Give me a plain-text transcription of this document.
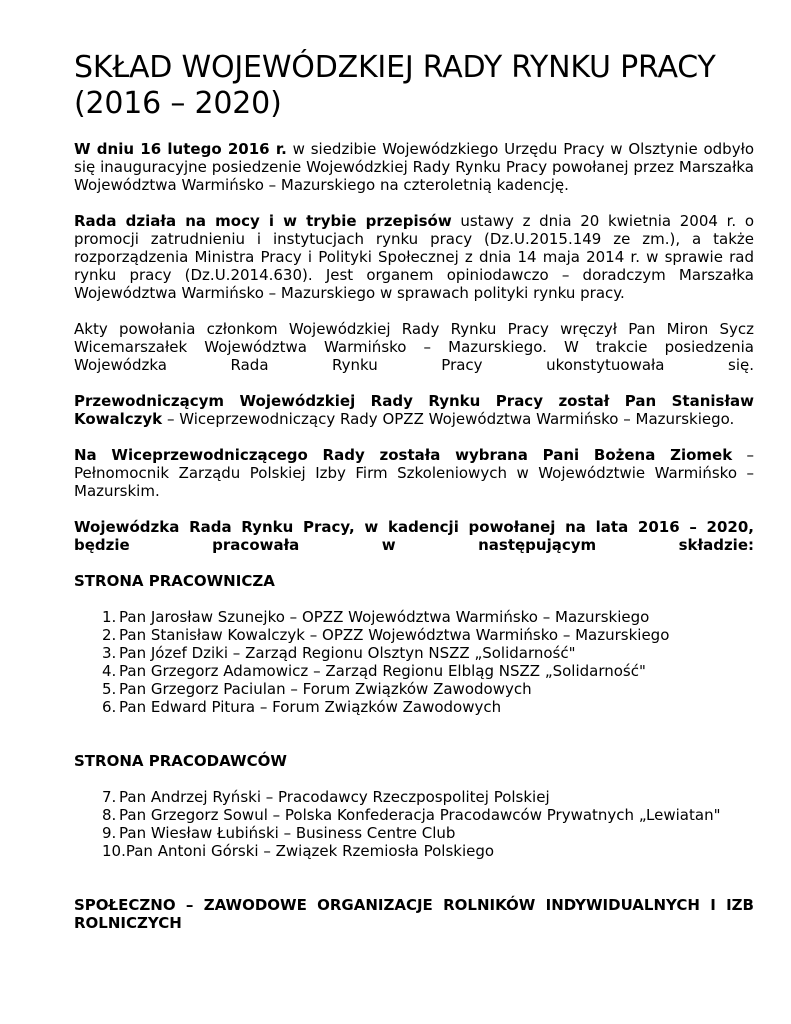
SKŁAD WOJEWÓDZKIEJ RADY RYNKU PRACY
(2016 – 2020)

W dniu 16 lutego 2016 r. w siedzibie Wojewódzkiego Urzędu Pracy w Olsztynie odbyło się inauguracyjne posiedzenie Wojewódzkiej Rady Rynku Pracy powołanej przez Marszałka Województwa Warmińsko – Mazurskiego na czteroletnią kadencję.

Rada działa na mocy i w trybie przepisów ustawy z dnia 20 kwietnia 2004 r. o promocji zatrudnieniu i instytucjach rynku pracy (Dz.U.2015.149 ze zm.), a także rozporządzenia Ministra Pracy i Polityki Społecznej z dnia 14 maja 2014 r. w sprawie rad rynku pracy (Dz.U.2014.630). Jest organem opiniodawczo – doradczym Marszałka Województwa Warmińsko – Mazurskiego w sprawach polityki rynku pracy.

Akty powołania członkom Wojewódzkiej Rady Rynku Pracy wręczył Pan Miron Sycz Wicemarszałek Województwa Warmińsko – Mazurskiego. W trakcie posiedzenia Wojewódzka Rada Rynku Pracy ukonstytuowała się.

Przewodniczącym Wojewódzkiej Rady Rynku Pracy został Pan Stanisław Kowalczyk – Wiceprzewodniczący Rady OPZZ Województwa Warmińsko – Mazurskiego.

Na Wiceprzewodniczącego Rady została wybrana Pani Bożena Ziomek – Pełnomocnik Zarządu Polskiej Izby Firm Szkoleniowych w Województwie Warmińsko – Mazurskim.

Wojewódzka Rada Rynku Pracy, w kadencji powołanej na lata 2016 – 2020, będzie pracowała w następującym składzie:

STRONA PRACOWNICZA
1. Pan Jarosław Szunejko – OPZZ Województwa Warmińsko – Mazurskiego
2. Pan Stanisław Kowalczyk – OPZZ Województwa Warmińsko – Mazurskiego
3. Pan Józef Dziki – Zarząd Regionu Olsztyn NSZZ „Solidarność"
4. Pan Grzegorz Adamowicz – Zarząd Regionu Elbląg NSZZ „Solidarność"
5. Pan Grzegorz Paciulan – Forum Związków Zawodowych
6. Pan Edward Pitura – Forum Związków Zawodowych
STRONA PRACODAWCÓW
7. Pan Andrzej Ryński – Pracodawcy Rzeczpospolitej Polskiej
8. Pan Grzegorz Sowul – Polska Konfederacja Pracodawców Prywatnych „Lewiatan"
9. Pan Wiesław Łubiński – Business Centre Club
10.Pan Antoni Górski – Związek Rzemiosła Polskiego
SPOŁECZNO – ZAWODOWE ORGANIZACJE ROLNIKÓW INDYWIDUALNYCH I IZB ROLNICZYCH
